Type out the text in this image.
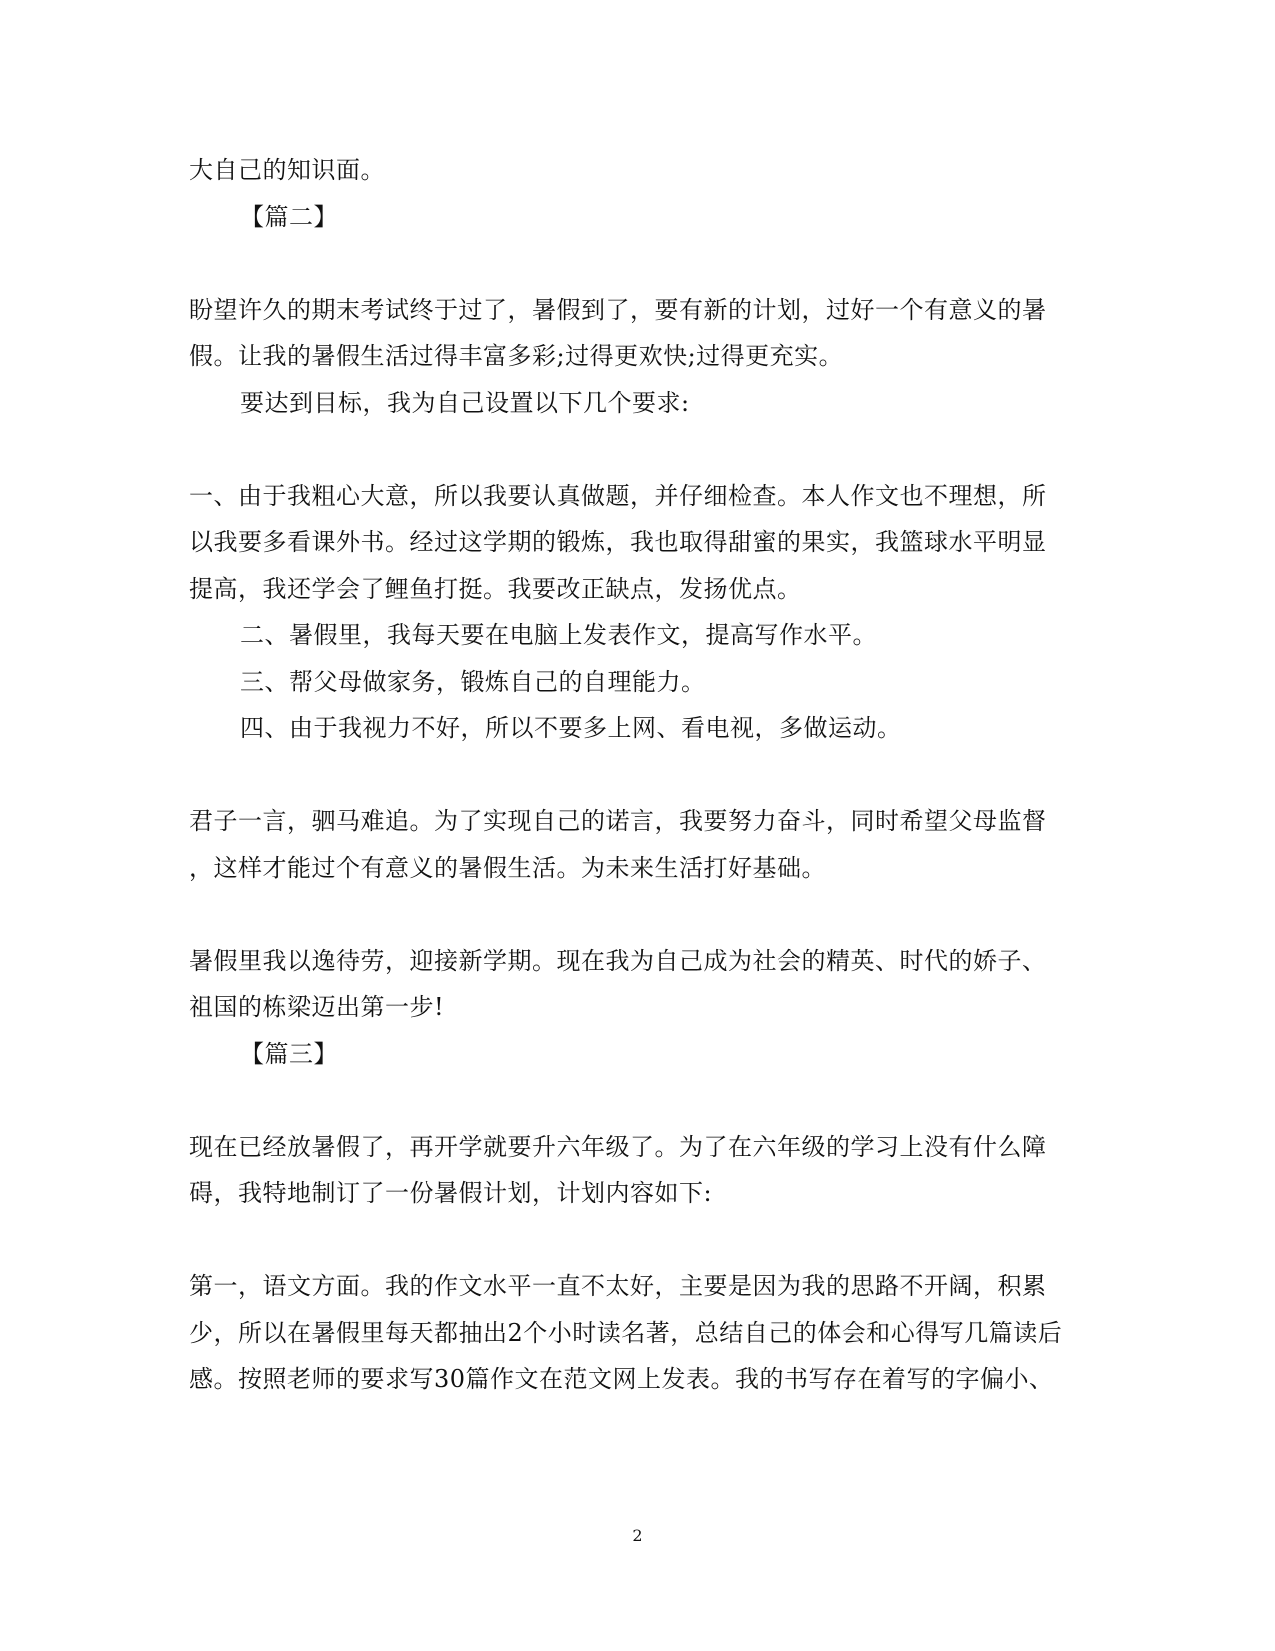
大自己的知识面。
【篇二】
盼望许久的期末考试终于过了，暑假到了，要有新的计划，过好一个有意义的暑
假。让我的暑假生活过得丰富多彩;过得更欢快;过得更充实。
要达到目标，我为自己设置以下几个要求:
一、由于我粗心大意，所以我要认真做题，并仔细检查。本人作文也不理想，所
以我要多看课外书。经过这学期的锻炼，我也取得甜蜜的果实，我篮球水平明显
提高，我还学会了鲤鱼打挺。我要改正缺点，发扬优点。
二、暑假里，我每天要在电脑上发表作文，提高写作水平。
三、帮父母做家务，锻炼自己的自理能力。
四、由于我视力不好，所以不要多上网、看电视，多做运动。
君子一言，驷马难追。为了实现自己的诺言，我要努力奋斗，同时希望父母监督
，这样才能过个有意义的暑假生活。为未来生活打好基础。
暑假里我以逸待劳，迎接新学期。现在我为自己成为社会的精英、时代的娇子、
祖国的栋梁迈出第一步!
【篇三】
现在已经放暑假了，再开学就要升六年级了。为了在六年级的学习上没有什么障
碍，我特地制订了一份暑假计划，计划内容如下:
第一，语文方面。我的作文水平一直不太好，主要是因为我的思路不开阔，积累
少，所以在暑假里每天都抽出2个小时读名著，总结自己的体会和心得写几篇读后
感。按照老师的要求写30篇作文在范文网上发表。我的书写存在着写的字偏小、
2
